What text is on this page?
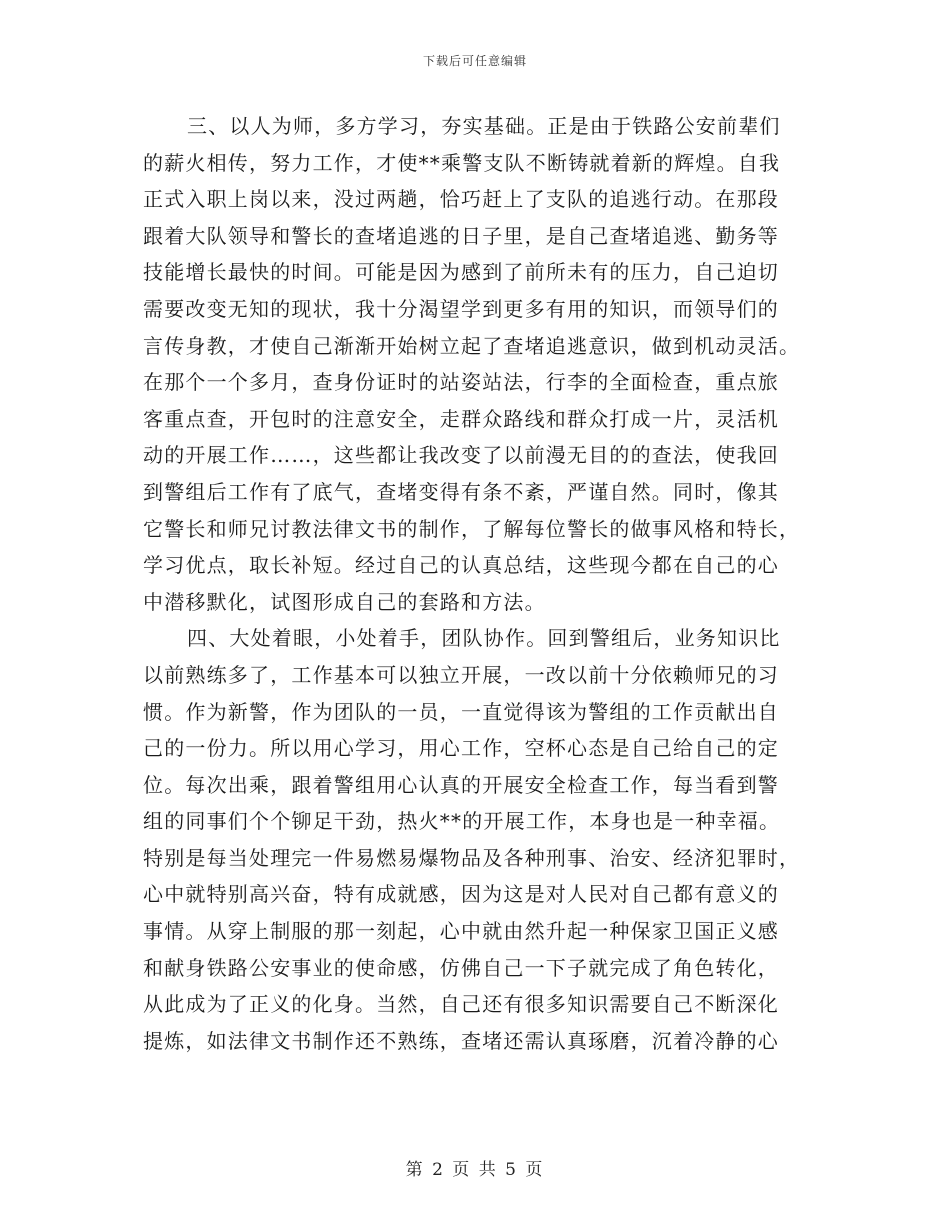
下载后可任意编辑
三、以人为师，多方学习，夯实基础。正是由于铁路公安前辈们
的薪火相传，努力工作，才使**乘警支队不断铸就着新的辉煌。自我
正式入职上岗以来，没过两趟，恰巧赶上了支队的追逃行动。在那段
跟着大队领导和警长的查堵追逃的日子里，是自己查堵追逃、勤务等
技能增长最快的时间。可能是因为感到了前所未有的压力，自己迫切
需要改变无知的现状，我十分渴望学到更多有用的知识，而领导们的
言传身教，才使自己渐渐开始树立起了查堵追逃意识，做到机动灵活。
在那个一个多月，查身份证时的站姿站法，行李的全面检查，重点旅
客重点查，开包时的注意安全，走群众路线和群众打成一片，灵活机
动的开展工作……，这些都让我改变了以前漫无目的的查法，使我回
到警组后工作有了底气，查堵变得有条不紊，严谨自然。同时，像其
它警长和师兄讨教法律文书的制作，了解每位警长的做事风格和特长，
学习优点，取长补短。经过自己的认真总结，这些现今都在自己的心
中潜移默化，试图形成自己的套路和方法。
四、大处着眼，小处着手，团队协作。回到警组后，业务知识比
以前熟练多了，工作基本可以独立开展，一改以前十分依赖师兄的习
惯。作为新警，作为团队的一员，一直觉得该为警组的工作贡献出自
己的一份力。所以用心学习，用心工作，空杯心态是自己给自己的定
位。每次出乘，跟着警组用心认真的开展安全检查工作，每当看到警
组的同事们个个铆足干劲，热火**的开展工作，本身也是一种幸福。
特别是每当处理完一件易燃易爆物品及各种刑事、治安、经济犯罪时，
心中就特别高兴奋，特有成就感，因为这是对人民对自己都有意义的
事情。从穿上制服的那一刻起，心中就由然升起一种保家卫国正义感
和献身铁路公安事业的使命感，仿佛自己一下子就完成了角色转化，
从此成为了正义的化身。当然，自己还有很多知识需要自己不断深化
提炼，如法律文书制作还不熟练，查堵还需认真琢磨，沉着冷静的心
第 2 页 共 5 页
